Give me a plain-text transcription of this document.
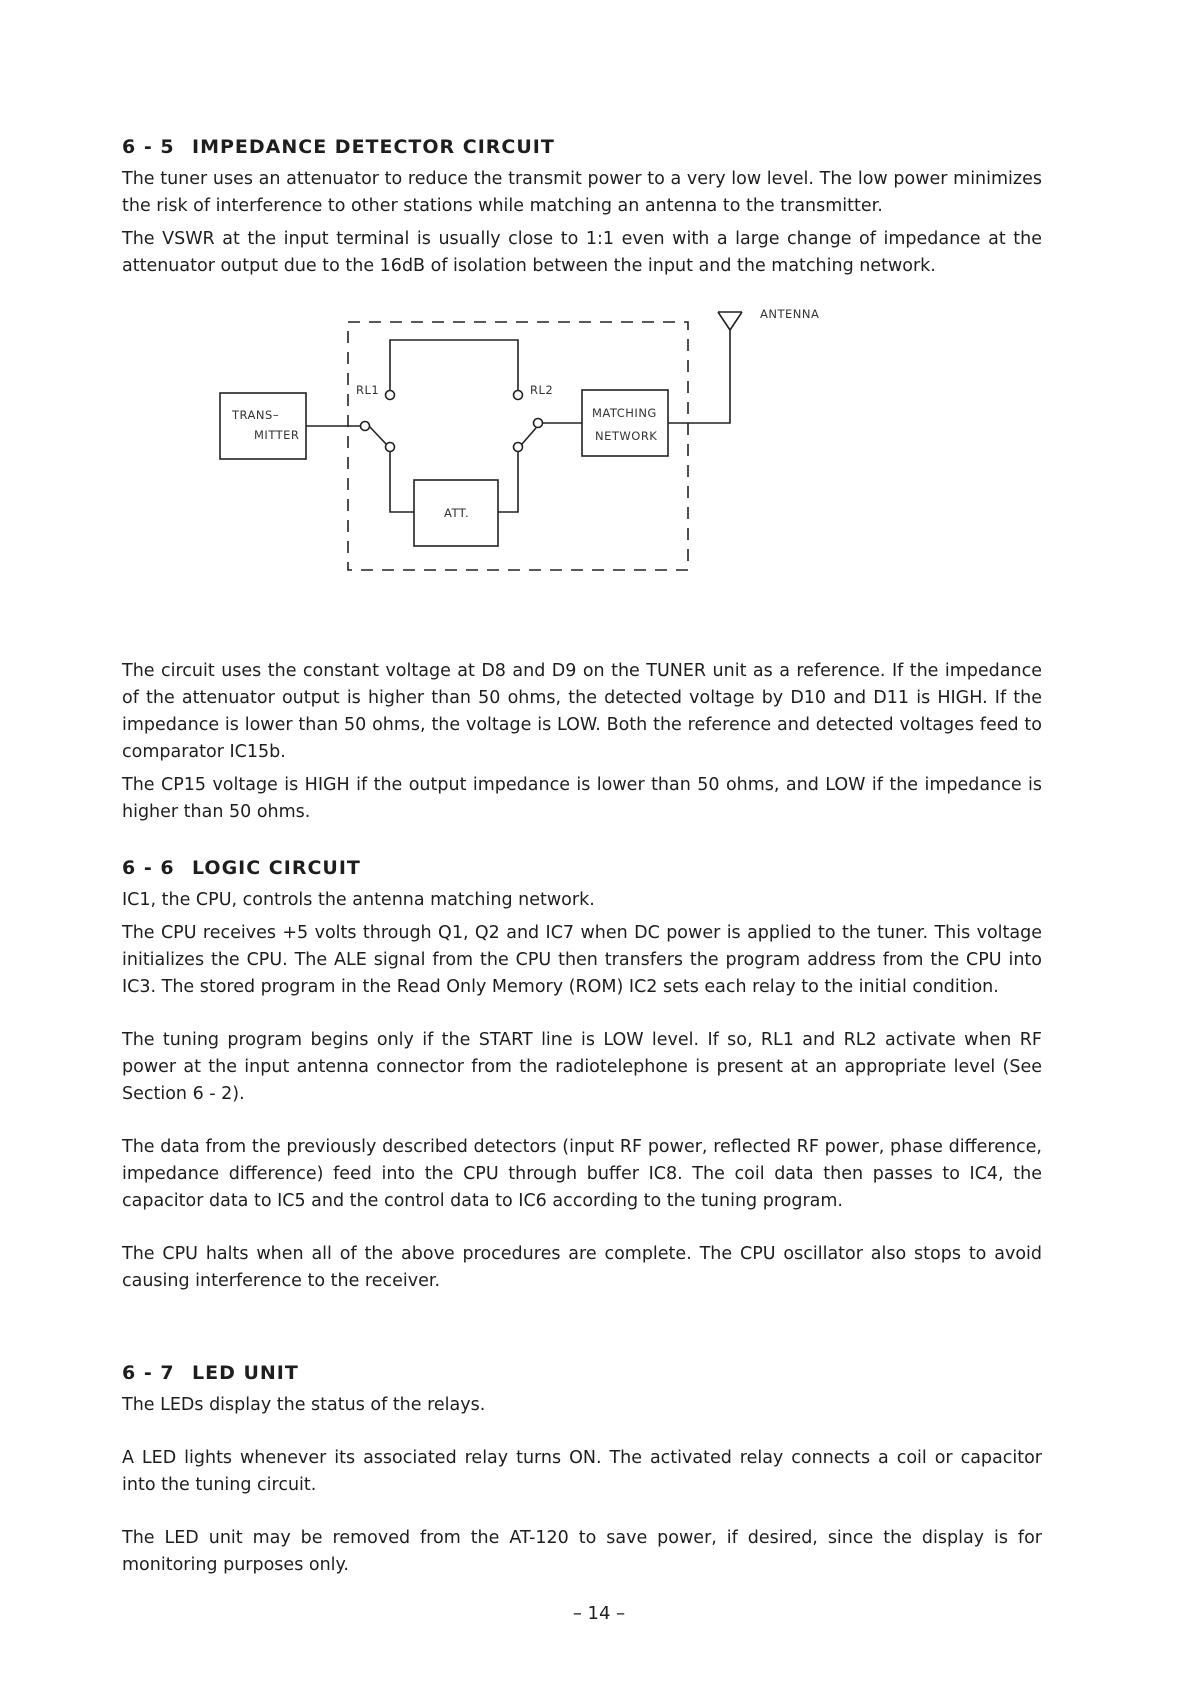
6 - 5 IMPEDANCE DETECTOR CIRCUIT

The tuner uses an attenuator to reduce the transmit power to a very low level. The low power minimizes the risk of interference to other stations while matching an antenna to the transmitter.

The VSWR at the input terminal is usually close to 1:1 even with a large change of impedance at the attenuator output due to the 16dB of isolation between the input and the matching network.

ANTENNA
TRANS–
MITTER
RL1	RL2
MATCHING
NETWORK
ATT.

The circuit uses the constant voltage at D8 and D9 on the TUNER unit as a reference. If the impedance of the attenuator output is higher than 50 ohms, the detected voltage by D10 and D11 is HIGH. If the impedance is lower than 50 ohms, the voltage is LOW. Both the reference and detected voltages feed to comparator IC15b.

The CP15 voltage is HIGH if the output impedance is lower than 50 ohms, and LOW if the impedance is higher than 50 ohms.

6 - 6 LOGIC CIRCUIT

IC1, the CPU, controls the antenna matching network.

The CPU receives +5 volts through Q1, Q2 and IC7 when DC power is applied to the tuner. This voltage initializes the CPU. The ALE signal from the CPU then transfers the program address from the CPU into IC3. The stored program in the Read Only Memory (ROM) IC2 sets each relay to the initial condition.

The tuning program begins only if the START line is LOW level. If so, RL1 and RL2 activate when RF power at the input antenna connector from the radiotelephone is present at an appropriate level (See Section 6 - 2).

The data from the previously described detectors (input RF power, reflected RF power, phase difference, impedance difference) feed into the CPU through buffer IC8. The coil data then passes to IC4, the capacitor data to IC5 and the control data to IC6 according to the tuning program.

The CPU halts when all of the above procedures are complete. The CPU oscillator also stops to avoid causing interference to the receiver.

6 - 7 LED UNIT

The LEDs display the status of the relays.

A LED lights whenever its associated relay turns ON. The activated relay connects a coil or capacitor into the tuning circuit.

The LED unit may be removed from the AT-120 to save power, if desired, since the display is for monitoring purposes only.

– 14 –
